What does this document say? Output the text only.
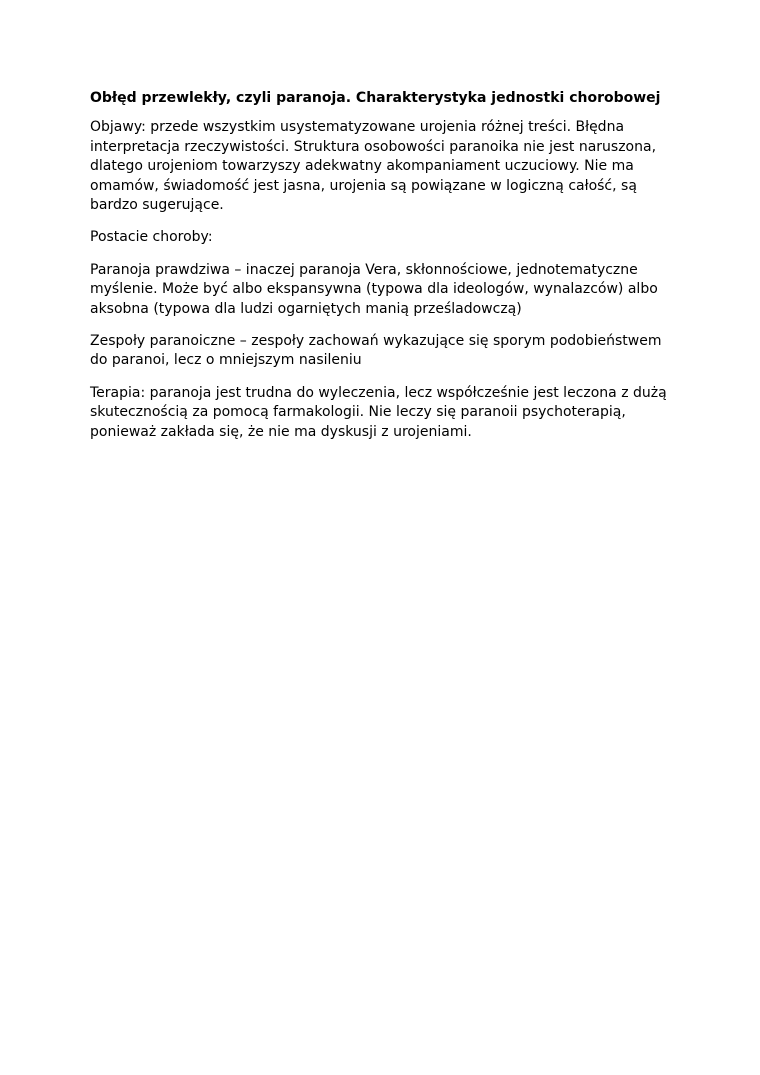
Obłęd przewlekły, czyli paranoja. Charakterystyka jednostki chorobowej

Objawy: przede wszystkim usystematyzowane urojenia różnej treści. Błędna interpretacja rzeczywistości. Struktura osobowości paranoika nie jest naruszona, dlatego urojeniom towarzyszy adekwatny akompaniament uczuciowy. Nie ma omamów, świadomość jest jasna, urojenia są powiązane w logiczną całość, są bardzo sugerujące.

Postacie choroby:

Paranoja prawdziwa – inaczej paranoja Vera, skłonnościowe, jednotematyczne myślenie. Może być albo ekspansywna (typowa dla ideologów, wynalazców) albo aksobna (typowa dla ludzi ogarniętych manią prześladowczą)

Zespoły paranoiczne – zespoły zachowań wykazujące się sporym podobieństwem do paranoi, lecz o mniejszym nasileniu

Terapia: paranoja jest trudna do wyleczenia, lecz współcześnie jest leczona z dużą skutecznością za pomocą farmakologii. Nie leczy się paranoii psychoterapią, ponieważ zakłada się, że nie ma dyskusji z urojeniami.
